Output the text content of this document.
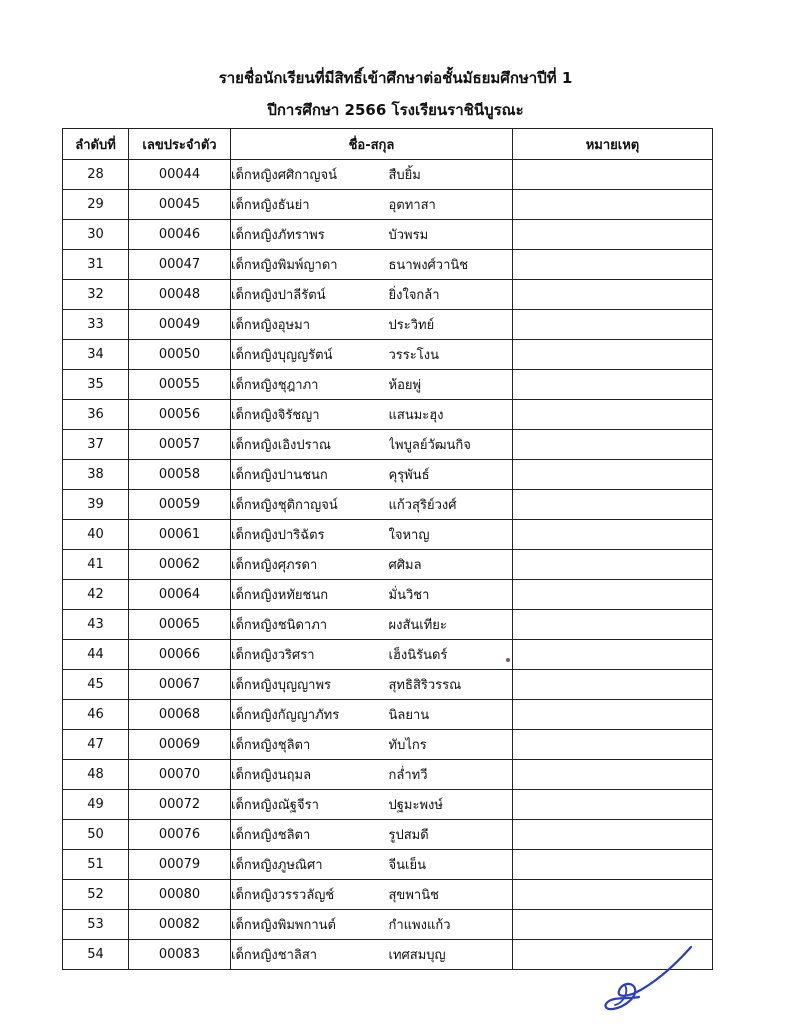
รายชื่อนักเรียนที่มีสิทธิ์เข้าศึกษาต่อชั้นมัธยมศึกษาปีที่ 1
ปีการศึกษา 2566 โรงเรียนราชินีบูรณะ
ลำดับที่	เลขประจำตัว	ชื่อ-สกุล		หมายเหตุ
28	00044	เด็กหญิงศศิกาญจน์	สืบยิ้ม	
29	00045	เด็กหญิงธันย่า	อุตทาสา	
30	00046	เด็กหญิงภัทราพร	บัวพรม	
31	00047	เด็กหญิงพิมพ์ญาดา	ธนาพงศ์วานิช	
32	00048	เด็กหญิงปาลีรัตน์	ยิ่งใจกล้า	
33	00049	เด็กหญิงอุษมา	ประวิทย์	
34	00050	เด็กหญิงบุญญรัตน์	วรระโงน	
35	00055	เด็กหญิงชุฎาภา	ห้อยพู่	
36	00056	เด็กหญิงจิรัชญา	แสนมะฮุง	
37	00057	เด็กหญิงเอิงปราณ	ไพบูลย์วัฒนกิจ	
38	00058	เด็กหญิงปานชนก	คุรุพันธ์	
39	00059	เด็กหญิงชุติกาญจน์	แก้วสุริย์วงศ์	
40	00061	เด็กหญิงปาริฉัตร	ใจหาญ	
41	00062	เด็กหญิงศุภรดา	ศศิมล	
42	00064	เด็กหญิงหทัยชนก	มั่นวิชา	
43	00065	เด็กหญิงชนิดาภา	ผงสันเทียะ	
44	00066	เด็กหญิงวริศรา	เฮ็งนิรันดร์	
45	00067	เด็กหญิงบุญญาพร	สุทธิสิริวรรณ	
46	00068	เด็กหญิงกัญญาภัทร	นิลยาน	
47	00069	เด็กหญิงชุลิตา	ทับไกร	
48	00070	เด็กหญิงนฤมล	กล่ำทวี	
49	00072	เด็กหญิงณัฐจีรา	ปฐมะพงษ์	
50	00076	เด็กหญิงชลิตา	รูปสมดี	
51	00079	เด็กหญิงภูษณิศา	จีนเย็น	
52	00080	เด็กหญิงวรรวลัญช์	สุขพานิช	
53	00082	เด็กหญิงพิมพกานต์	กำแพงแก้ว	
54	00083	เด็กหญิงชาลิสา	เทศสมบุญ	
